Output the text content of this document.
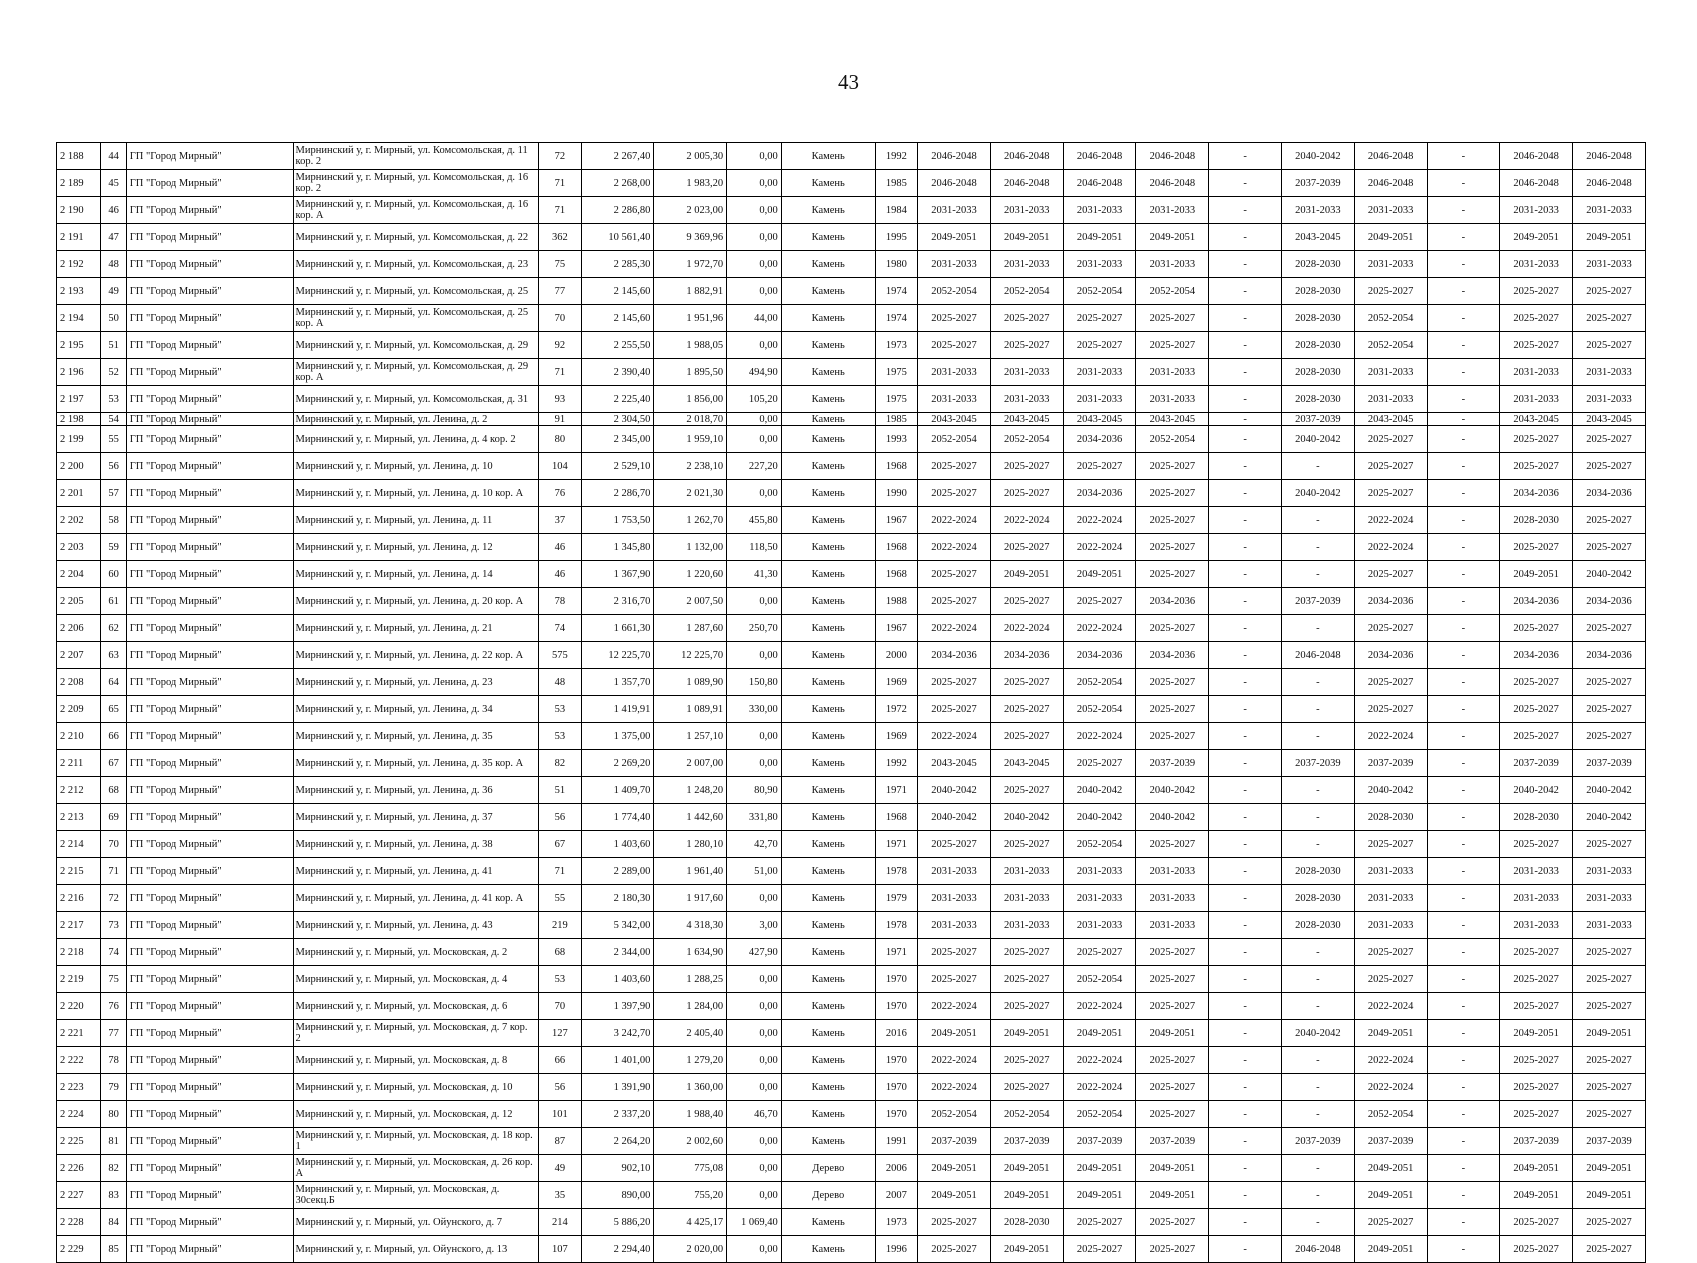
43
2 188	44	ГП "Город Мирный"	Мирнинский у, г. Мирный, ул. Комсомольская, д. 11 кор. 2	72	2 267,40	2 005,30	0,00	Камень	1992	2046-2048	2046-2048	2046-2048	2046-2048	-	2040-2042	2046-2048	-	2046-2048	2046-2048
2 189	45	ГП "Город Мирный"	Мирнинский у, г. Мирный, ул. Комсомольская, д. 16 кор. 2	71	2 268,00	1 983,20	0,00	Камень	1985	2046-2048	2046-2048	2046-2048	2046-2048	-	2037-2039	2046-2048	-	2046-2048	2046-2048
2 190	46	ГП "Город Мирный"	Мирнинский у, г. Мирный, ул. Комсомольская, д. 16 кор. А	71	2 286,80	2 023,00	0,00	Камень	1984	2031-2033	2031-2033	2031-2033	2031-2033	-	2031-2033	2031-2033	-	2031-2033	2031-2033
2 191	47	ГП "Город Мирный"	Мирнинский у, г. Мирный, ул. Комсомольская, д. 22	362	10 561,40	9 369,96	0,00	Камень	1995	2049-2051	2049-2051	2049-2051	2049-2051	-	2043-2045	2049-2051	-	2049-2051	2049-2051
2 192	48	ГП "Город Мирный"	Мирнинский у, г. Мирный, ул. Комсомольская, д. 23	75	2 285,30	1 972,70	0,00	Камень	1980	2031-2033	2031-2033	2031-2033	2031-2033	-	2028-2030	2031-2033	-	2031-2033	2031-2033
2 193	49	ГП "Город Мирный"	Мирнинский у, г. Мирный, ул. Комсомольская, д. 25	77	2 145,60	1 882,91	0,00	Камень	1974	2052-2054	2052-2054	2052-2054	2052-2054	-	2028-2030	2025-2027	-	2025-2027	2025-2027
2 194	50	ГП "Город Мирный"	Мирнинский у, г. Мирный, ул. Комсомольская, д. 25 кор. А	70	2 145,60	1 951,96	44,00	Камень	1974	2025-2027	2025-2027	2025-2027	2025-2027	-	2028-2030	2052-2054	-	2025-2027	2025-2027
2 195	51	ГП "Город Мирный"	Мирнинский у, г. Мирный, ул. Комсомольская, д. 29	92	2 255,50	1 988,05	0,00	Камень	1973	2025-2027	2025-2027	2025-2027	2025-2027	-	2028-2030	2052-2054	-	2025-2027	2025-2027
2 196	52	ГП "Город Мирный"	Мирнинский у, г. Мирный, ул. Комсомольская, д. 29 кор. А	71	2 390,40	1 895,50	494,90	Камень	1975	2031-2033	2031-2033	2031-2033	2031-2033	-	2028-2030	2031-2033	-	2031-2033	2031-2033
2 197	53	ГП "Город Мирный"	Мирнинский у, г. Мирный, ул. Комсомольская, д. 31	93	2 225,40	1 856,00	105,20	Камень	1975	2031-2033	2031-2033	2031-2033	2031-2033	-	2028-2030	2031-2033	-	2031-2033	2031-2033
2 198	54	ГП "Город Мирный"	Мирнинский у, г. Мирный, ул. Ленина, д. 2	91	2 304,50	2 018,70	0,00	Камень	1985	2043-2045	2043-2045	2043-2045	2043-2045	-	2037-2039	2043-2045	-	2043-2045	2043-2045
2 199	55	ГП "Город Мирный"	Мирнинский у, г. Мирный, ул. Ленина, д. 4 кор. 2	80	2 345,00	1 959,10	0,00	Камень	1993	2052-2054	2052-2054	2034-2036	2052-2054	-	2040-2042	2025-2027	-	2025-2027	2025-2027
2 200	56	ГП "Город Мирный"	Мирнинский у, г. Мирный, ул. Ленина, д. 10	104	2 529,10	2 238,10	227,20	Камень	1968	2025-2027	2025-2027	2025-2027	2025-2027	-	-	2025-2027	-	2025-2027	2025-2027
2 201	57	ГП "Город Мирный"	Мирнинский у, г. Мирный, ул. Ленина, д. 10 кор. А	76	2 286,70	2 021,30	0,00	Камень	1990	2025-2027	2025-2027	2034-2036	2025-2027	-	2040-2042	2025-2027	-	2034-2036	2034-2036
2 202	58	ГП "Город Мирный"	Мирнинский у, г. Мирный, ул. Ленина, д. 11	37	1 753,50	1 262,70	455,80	Камень	1967	2022-2024	2022-2024	2022-2024	2025-2027	-	-	2022-2024	-	2028-2030	2025-2027
2 203	59	ГП "Город Мирный"	Мирнинский у, г. Мирный, ул. Ленина, д. 12	46	1 345,80	1 132,00	118,50	Камень	1968	2022-2024	2025-2027	2022-2024	2025-2027	-	-	2022-2024	-	2025-2027	2025-2027
2 204	60	ГП "Город Мирный"	Мирнинский у, г. Мирный, ул. Ленина, д. 14	46	1 367,90	1 220,60	41,30	Камень	1968	2025-2027	2049-2051	2049-2051	2025-2027	-	-	2025-2027	-	2049-2051	2040-2042
2 205	61	ГП "Город Мирный"	Мирнинский у, г. Мирный, ул. Ленина, д. 20 кор. А	78	2 316,70	2 007,50	0,00	Камень	1988	2025-2027	2025-2027	2025-2027	2034-2036	-	2037-2039	2034-2036	-	2034-2036	2034-2036
2 206	62	ГП "Город Мирный"	Мирнинский у, г. Мирный, ул. Ленина, д. 21	74	1 661,30	1 287,60	250,70	Камень	1967	2022-2024	2022-2024	2022-2024	2025-2027	-	-	2025-2027	-	2025-2027	2025-2027
2 207	63	ГП "Город Мирный"	Мирнинский у, г. Мирный, ул. Ленина, д. 22 кор. А	575	12 225,70	12 225,70	0,00	Камень	2000	2034-2036	2034-2036	2034-2036	2034-2036	-	2046-2048	2034-2036	-	2034-2036	2034-2036
2 208	64	ГП "Город Мирный"	Мирнинский у, г. Мирный, ул. Ленина, д. 23	48	1 357,70	1 089,90	150,80	Камень	1969	2025-2027	2025-2027	2052-2054	2025-2027	-	-	2025-2027	-	2025-2027	2025-2027
2 209	65	ГП "Город Мирный"	Мирнинский у, г. Мирный, ул. Ленина, д. 34	53	1 419,91	1 089,91	330,00	Камень	1972	2025-2027	2025-2027	2052-2054	2025-2027	-	-	2025-2027	-	2025-2027	2025-2027
2 210	66	ГП "Город Мирный"	Мирнинский у, г. Мирный, ул. Ленина, д. 35	53	1 375,00	1 257,10	0,00	Камень	1969	2022-2024	2025-2027	2022-2024	2025-2027	-	-	2022-2024	-	2025-2027	2025-2027
2 211	67	ГП "Город Мирный"	Мирнинский у, г. Мирный, ул. Ленина, д. 35 кор. А	82	2 269,20	2 007,00	0,00	Камень	1992	2043-2045	2043-2045	2025-2027	2037-2039	-	2037-2039	2037-2039	-	2037-2039	2037-2039
2 212	68	ГП "Город Мирный"	Мирнинский у, г. Мирный, ул. Ленина, д. 36	51	1 409,70	1 248,20	80,90	Камень	1971	2040-2042	2025-2027	2040-2042	2040-2042	-	-	2040-2042	-	2040-2042	2040-2042
2 213	69	ГП "Город Мирный"	Мирнинский у, г. Мирный, ул. Ленина, д. 37	56	1 774,40	1 442,60	331,80	Камень	1968	2040-2042	2040-2042	2040-2042	2040-2042	-	-	2028-2030	-	2028-2030	2040-2042
2 214	70	ГП "Город Мирный"	Мирнинский у, г. Мирный, ул. Ленина, д. 38	67	1 403,60	1 280,10	42,70	Камень	1971	2025-2027	2025-2027	2052-2054	2025-2027	-	-	2025-2027	-	2025-2027	2025-2027
2 215	71	ГП "Город Мирный"	Мирнинский у, г. Мирный, ул. Ленина, д. 41	71	2 289,00	1 961,40	51,00	Камень	1978	2031-2033	2031-2033	2031-2033	2031-2033	-	2028-2030	2031-2033	-	2031-2033	2031-2033
2 216	72	ГП "Город Мирный"	Мирнинский у, г. Мирный, ул. Ленина, д. 41 кор. А	55	2 180,30	1 917,60	0,00	Камень	1979	2031-2033	2031-2033	2031-2033	2031-2033	-	2028-2030	2031-2033	-	2031-2033	2031-2033
2 217	73	ГП "Город Мирный"	Мирнинский у, г. Мирный, ул. Ленина, д. 43	219	5 342,00	4 318,30	3,00	Камень	1978	2031-2033	2031-2033	2031-2033	2031-2033	-	2028-2030	2031-2033	-	2031-2033	2031-2033
2 218	74	ГП "Город Мирный"	Мирнинский у, г. Мирный, ул. Московская, д. 2	68	2 344,00	1 634,90	427,90	Камень	1971	2025-2027	2025-2027	2025-2027	2025-2027	-	-	2025-2027	-	2025-2027	2025-2027
2 219	75	ГП "Город Мирный"	Мирнинский у, г. Мирный, ул. Московская, д. 4	53	1 403,60	1 288,25	0,00	Камень	1970	2025-2027	2025-2027	2052-2054	2025-2027	-	-	2025-2027	-	2025-2027	2025-2027
2 220	76	ГП "Город Мирный"	Мирнинский у, г. Мирный, ул. Московская, д. 6	70	1 397,90	1 284,00	0,00	Камень	1970	2022-2024	2025-2027	2022-2024	2025-2027	-	-	2022-2024	-	2025-2027	2025-2027
2 221	77	ГП "Город Мирный"	Мирнинский у, г. Мирный, ул. Московская, д. 7 кор. 2	127	3 242,70	2 405,40	0,00	Камень	2016	2049-2051	2049-2051	2049-2051	2049-2051	-	2040-2042	2049-2051	-	2049-2051	2049-2051
2 222	78	ГП "Город Мирный"	Мирнинский у, г. Мирный, ул. Московская, д. 8	66	1 401,00	1 279,20	0,00	Камень	1970	2022-2024	2025-2027	2022-2024	2025-2027	-	-	2022-2024	-	2025-2027	2025-2027
2 223	79	ГП "Город Мирный"	Мирнинский у, г. Мирный, ул. Московская, д. 10	56	1 391,90	1 360,00	0,00	Камень	1970	2022-2024	2025-2027	2022-2024	2025-2027	-	-	2022-2024	-	2025-2027	2025-2027
2 224	80	ГП "Город Мирный"	Мирнинский у, г. Мирный, ул. Московская, д. 12	101	2 337,20	1 988,40	46,70	Камень	1970	2052-2054	2052-2054	2052-2054	2025-2027	-	-	2052-2054	-	2025-2027	2025-2027
2 225	81	ГП "Город Мирный"	Мирнинский у, г. Мирный, ул. Московская, д. 18 кор. 1	87	2 264,20	2 002,60	0,00	Камень	1991	2037-2039	2037-2039	2037-2039	2037-2039	-	2037-2039	2037-2039	-	2037-2039	2037-2039
2 226	82	ГП "Город Мирный"	Мирнинский у, г. Мирный, ул. Московская, д. 26 кор. А	49	902,10	775,08	0,00	Дерево	2006	2049-2051	2049-2051	2049-2051	2049-2051	-	-	2049-2051	-	2049-2051	2049-2051
2 227	83	ГП "Город Мирный"	Мирнинский у, г. Мирный, ул. Московская, д. 30секц.Б	35	890,00	755,20	0,00	Дерево	2007	2049-2051	2049-2051	2049-2051	2049-2051	-	-	2049-2051	-	2049-2051	2049-2051
2 228	84	ГП "Город Мирный"	Мирнинский у, г. Мирный, ул. Ойунского, д. 7	214	5 886,20	4 425,17	1 069,40	Камень	1973	2025-2027	2028-2030	2025-2027	2025-2027	-	-	2025-2027	-	2025-2027	2025-2027
2 229	85	ГП "Город Мирный"	Мирнинский у, г. Мирный, ул. Ойунского, д. 13	107	2 294,40	2 020,00	0,00	Камень	1996	2025-2027	2049-2051	2025-2027	2025-2027	-	2046-2048	2049-2051	-	2025-2027	2025-2027
